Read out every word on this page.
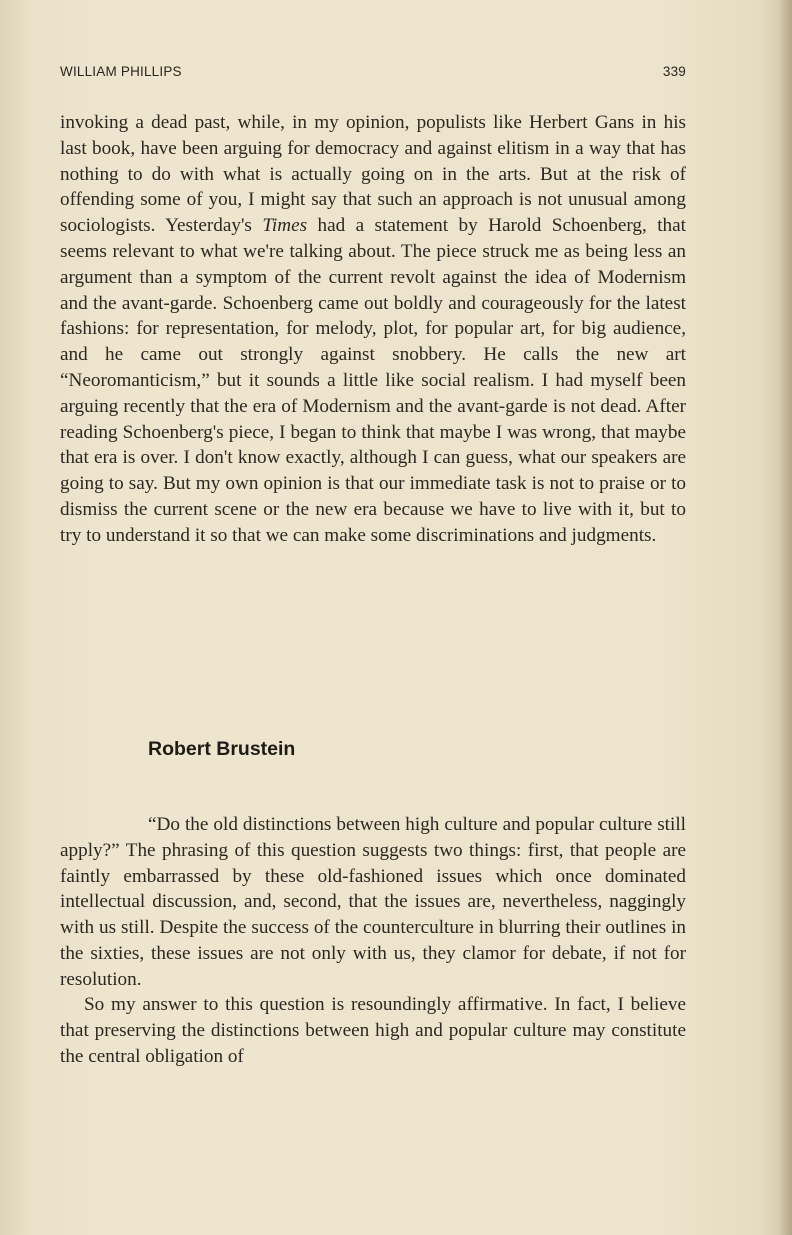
WILLIAM PHILLIPS	339

invoking a dead past, while, in my opinion, populists like Herbert Gans in his last book, have been arguing for democracy and against elitism in a way that has nothing to do with what is actually going on in the arts. But at the risk of offending some of you, I might say that such an approach is not unusual among sociologists. Yesterday's Times had a statement by Harold Schoenberg, that seems relevant to what we're talking about. The piece struck me as being less an argument than a symptom of the current revolt against the idea of Modernism and the avant-garde. Schoenberg came out boldly and courageously for the latest fashions: for representation, for melody, plot, for popular art, for big audience, and he came out strongly against snobbery. He calls the new art “Neoromanticism,” but it sounds a little like social realism. I had myself been arguing recently that the era of Modernism and the avant-garde is not dead. After reading Schoenberg's piece, I began to think that maybe I was wrong, that maybe that era is over. I don't know exactly, although I can guess, what our speakers are going to say. But my own opinion is that our immediate task is not to praise or to dismiss the current scene or the new era because we have to live with it, but to try to understand it so that we can make some discriminations and judgments.

Robert Brustein

“Do the old distinctions between high culture and popular culture still apply?” The phrasing of this question suggests two things: first, that people are faintly embarrassed by these old-fashioned issues which once dominated intellectual discussion, and, second, that the issues are, nevertheless, naggingly with us still. Despite the success of the counterculture in blurring their outlines in the sixties, these issues are not only with us, they clamor for debate, if not for resolution.

So my answer to this question is resoundingly affirmative. In fact, I believe that preserving the distinctions between high and popular culture may constitute the central obligation of
